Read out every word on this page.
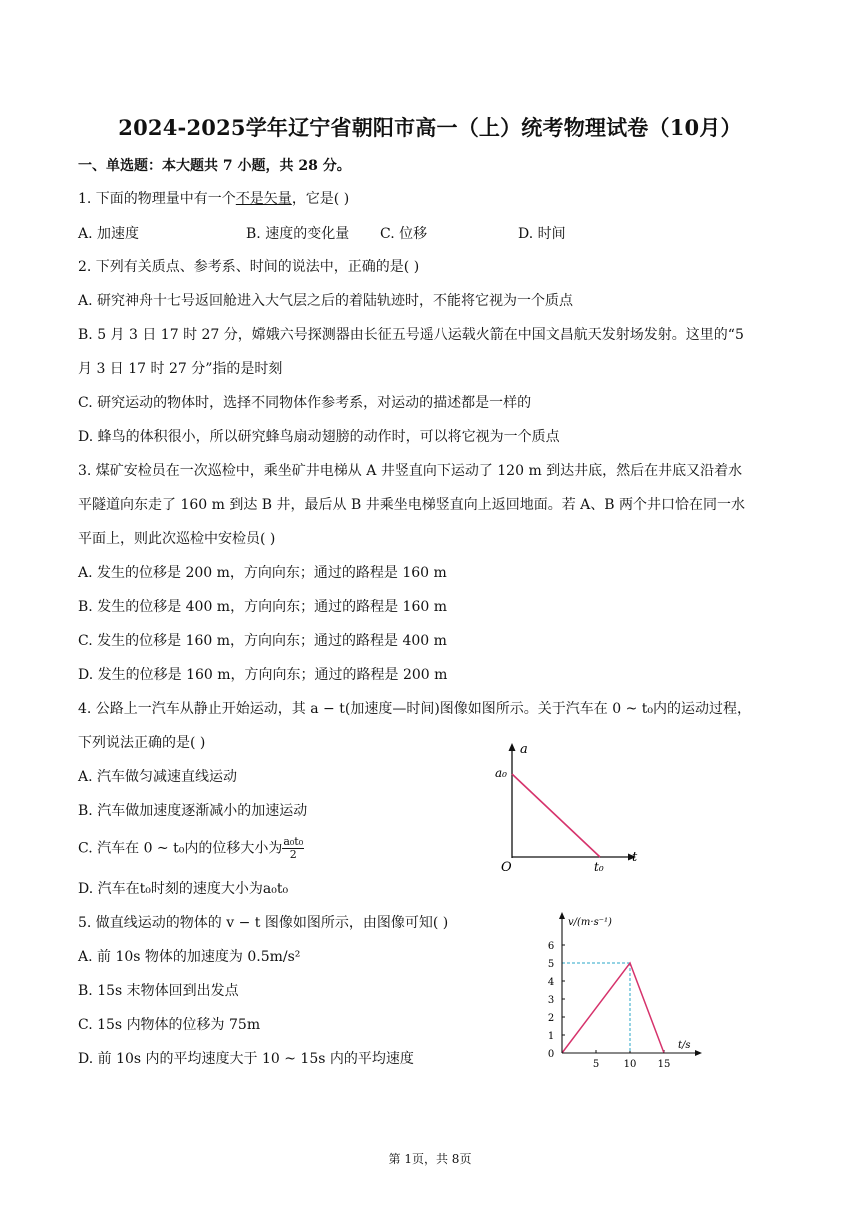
2024-2025学年辽宁省朝阳市高一（上）统考物理试卷（10月）
一、单选题：本大题共 7 小题，共 28 分。
1. 下面的物理量中有一个不是矢量，它是( )
A. 加速度	B. 速度的变化量 C. 位移	D. 时间
2. 下列有关质点、参考系、时间的说法中，正确的是( )
A. 研究神舟十七号返回舱进入大气层之后的着陆轨迹时，不能将它视为一个质点
B. 5 月 3 日 17 时 27 分，嫦娥六号探测器由长征五号遥八运载火箭在中国文昌航天发射场发射。这里的“5
月 3 日 17 时 27 分”指的是时刻
C. 研究运动的物体时，选择不同物体作参考系，对运动的描述都是一样的
D. 蜂鸟的体积很小，所以研究蜂鸟扇动翅膀的动作时，可以将它视为一个质点
3. 煤矿安检员在一次巡检中，乘坐矿井电梯从 A 井竖直向下运动了 120 m 到达井底，然后在井底又沿着水
平隧道向东走了 160 m 到达 B 井，最后从 B 井乘坐电梯竖直向上返回地面。若 A、B 两个井口恰在同一水
平面上，则此次巡检中安检员( )
A. 发生的位移是 200 m，方向向东；通过的路程是 160 m
B. 发生的位移是 400 m，方向向东；通过的路程是 160 m
C. 发生的位移是 160 m，方向向东；通过的路程是 400 m
D. 发生的位移是 160 m，方向向东；通过的路程是 200 m
4. 公路上一汽车从静止开始运动，其 a − t(加速度—时间)图像如图所示。关于汽车在 0 ~ t₀内的运动过程，
下列说法正确的是( )
A. 汽车做匀减速直线运动
B. 汽车做加速度逐渐减小的加速运动
C. 汽车在 0 ~ t₀内的位移大小为 $\frac{\text{a₀t₀}}{2}$
D. 汽车在t₀时刻的速度大小为a₀t₀
a
t
O
a₀
t₀
5. 做直线运动的物体的 v − t 图像如图所示，由图像可知( )
A. 前 10s 物体的加速度为 0.5m/s²
B. 15s 末物体回到出发点
C. 15s 内物体的位移为 75m
D. 前 10s 内的平均速度大于 10 ~ 15s 内的平均速度	0
1
2
3
4
5
6
5 10 15
v/(m·s⁻¹)
t/s
第 1页，共 8页
